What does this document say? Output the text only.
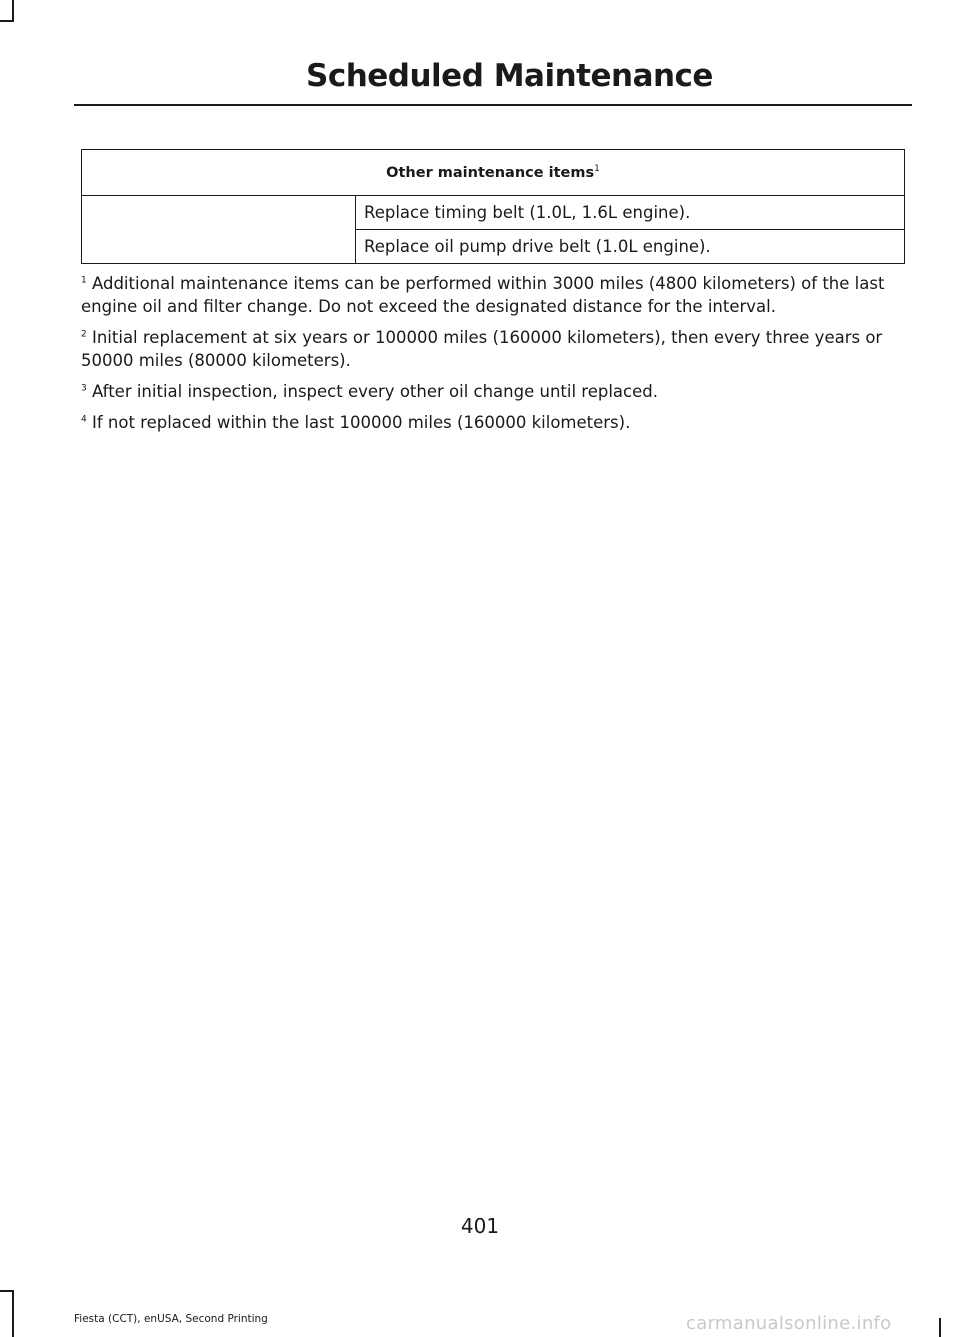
Scheduled Maintenance
Other maintenance items$^1$
	Replace timing belt (1.0L, 1.6L engine).
Replace oil pump drive belt (1.0L engine).

$^1$ Additional maintenance items can be performed within 3000 miles (4800 kilometers) of the last engine oil and filter change. Do not exceed the designated distance for the interval.

$^2$ Initial replacement at six years or 100000 miles (160000 kilometers), then every three years or 50000 miles (80000 kilometers).

$^3$ After initial inspection, inspect every other oil change until replaced.

$^4$ If not replaced within the last 100000 miles (160000 kilometers).

401
Fiesta (CCT), enUSA, Second Printing	carmanualsonline.info
